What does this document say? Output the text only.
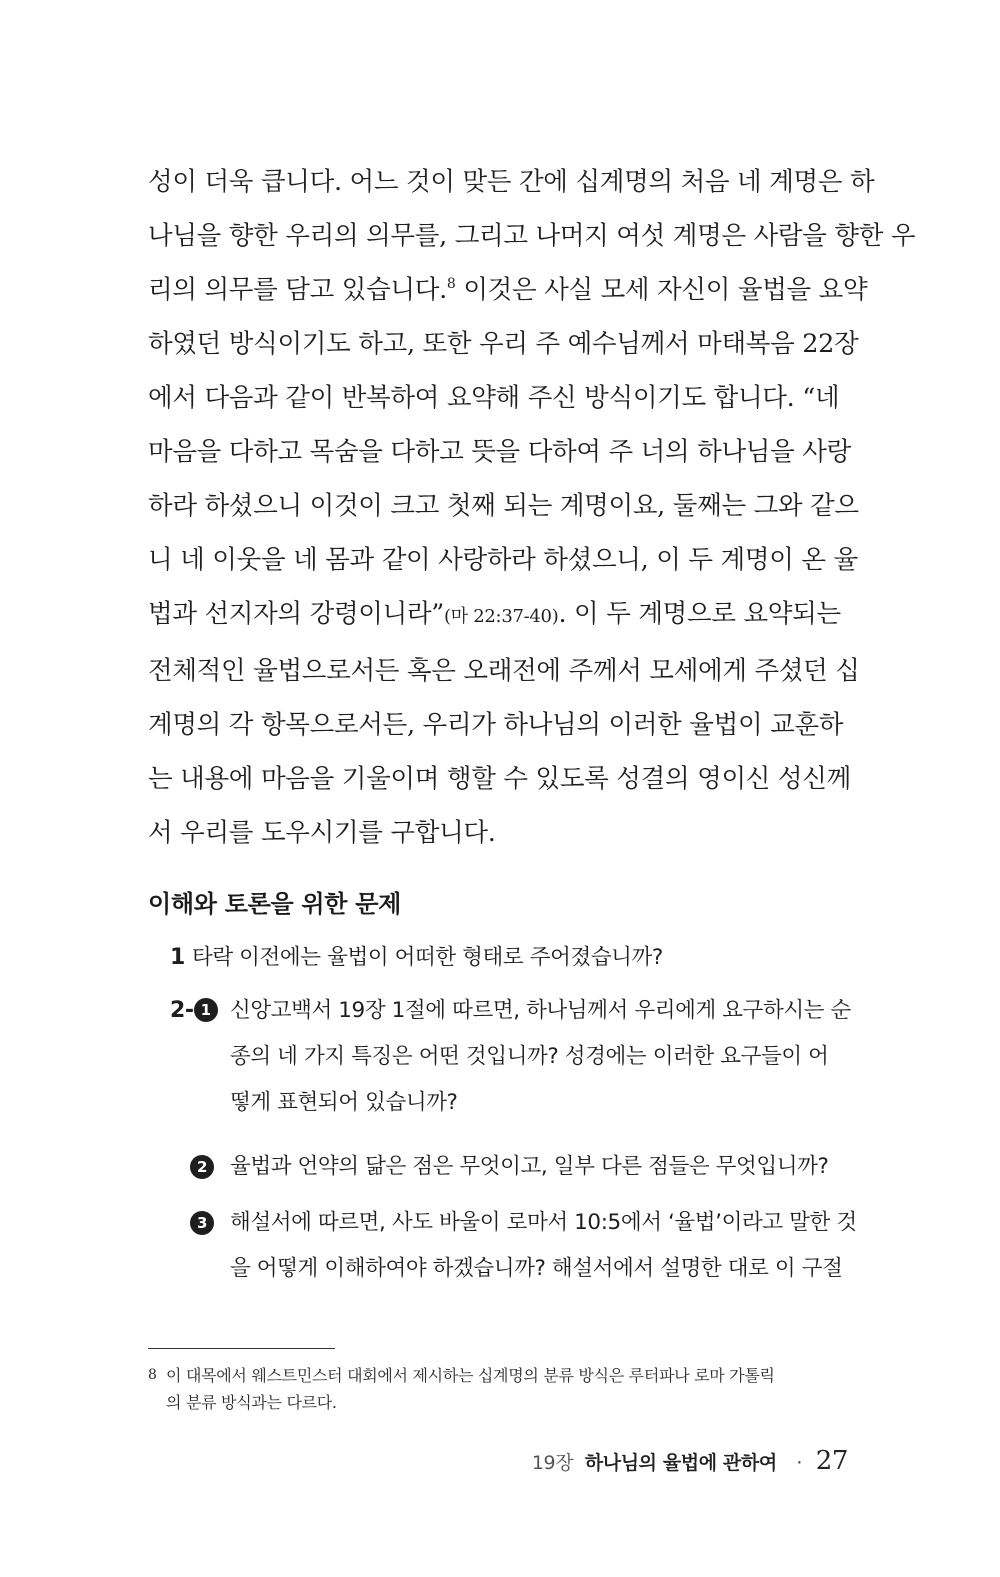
성이 더욱 큽니다. 어느 것이 맞든 간에 십계명의 처음 네 계명은 하
나님을 향한 우리의 의무를, 그리고 나머지 여섯 계명은 사람을 향한 우
리의 의무를 담고 있습니다.$^8$ 이것은 사실 모세 자신이 율법을 요약
하였던 방식이기도 하고, 또한 우리 주 예수님께서 마태복음 22장
에서 다음과 같이 반복하여 요약해 주신 방식이기도 합니다. “네
마음을 다하고 목숨을 다하고 뜻을 다하여 주 너의 하나님을 사랑
하라 하셨으니 이것이 크고 첫째 되는 계명이요, 둘째는 그와 같으
니 네 이웃을 네 몸과 같이 사랑하라 하셨으니, 이 두 계명이 온 율
법과 선지자의 강령이니라”(마 22:37-40). 이 두 계명으로 요약되는
전체적인 율법으로서든 혹은 오래전에 주께서 모세에게 주셨던 십
계명의 각 항목으로서든, 우리가 하나님의 이러한 율법이 교훈하
는 내용에 마음을 기울이며 행할 수 있도록 성결의 영이신 성신께
서 우리를 도우시기를 구합니다.
이해와 토론을 위한 문제
1 타락 이전에는 율법이 어떠한 형태로 주어졌습니까?
2- 1 신앙고백서 19장 1절에 따르면, 하나님께서 우리에게 요구하시는 순
종의 네 가지 특징은 어떤 것입니까? 성경에는 이러한 요구들이 어
떻게 표현되어 있습니까?
2	율법과 언약의 닮은 점은 무엇이고, 일부 다른 점들은 무엇입니까?
3	해설서에 따르면, 사도 바울이 로마서 10:5에서 ‘율법’이라고 말한 것
을 어떻게 이해하여야 하겠습니까? 해설서에서 설명한 대로 이 구절
8 이 대목에서 웨스트민스터 대회에서 제시하는 십계명의 분류 방식은 루터파나 로마 가톨릭
의 분류 방식과는 다르다.
19장 하나님의 율법에 관하여 · 27
